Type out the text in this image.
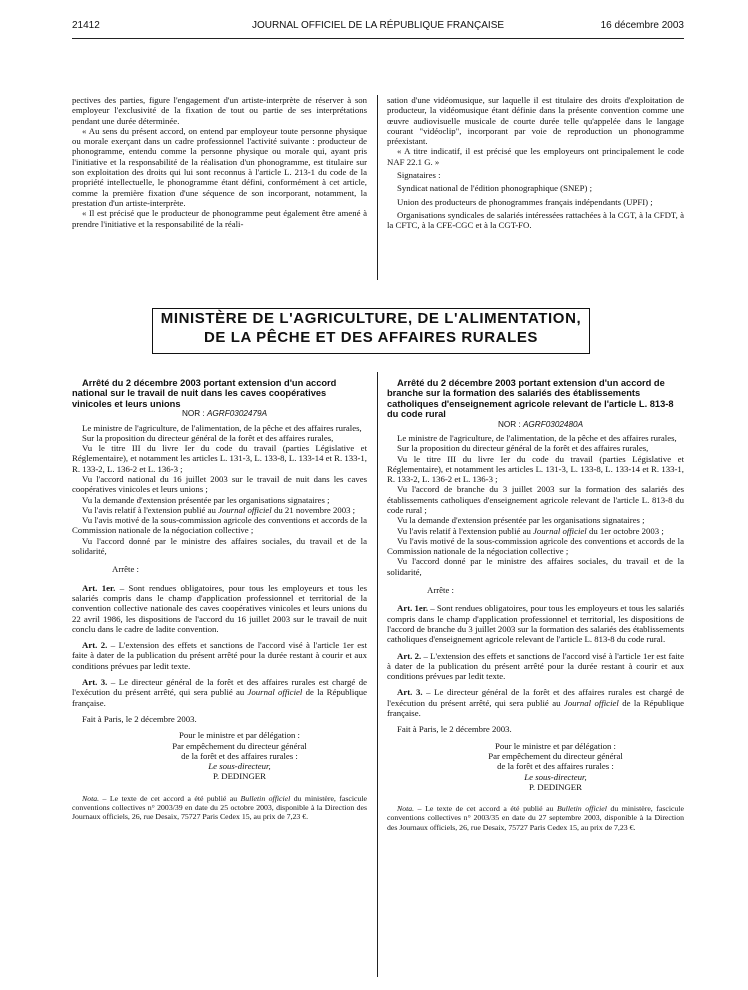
21412	JOURNAL OFFICIEL DE LA RÉPUBLIQUE FRANÇAISE	16 décembre 2003

pectives des parties, figure l'engagement d'un artiste-interprète de réserver à son employeur l'exclusivité de la fixation de tout ou partie de ses interprétations pendant une durée déterminée.

« Au sens du présent accord, on entend par employeur toute personne physique ou morale exerçant dans un cadre professionnel l'activité suivante : producteur de phonogramme, entendu comme la personne physique ou morale qui, ayant pris l'initiative et la responsabilité de la réalisation d'un phonogramme, est titulaire sur son exploitation des droits qui lui sont reconnus à l'article L. 213-1 du code de la propriété intellectuelle, le phonogramme étant défini, conformément à cet article, comme la première fixation d'une séquence de son incorporant, notamment, la prestation d'un artiste-interprète.

« Il est précisé que le producteur de phonogramme peut également être amené à prendre l'initiative et la responsabilité de la réali-

sation d'une vidéomusique, sur laquelle il est titulaire des droits d'exploitation de producteur, la vidéomusique étant définie dans la présente convention comme une œuvre audiovisuelle musicale de courte durée telle qu'appelée dans le langage courant "vidéoclip", incorporant par voie de reproduction un phonogramme préexistant.

« A titre indicatif, il est précisé que les employeurs ont principalement le code NAF 22.1 G. »

Signataires :

Syndicat national de l'édition phonographique (SNEP) ;

Union des producteurs de phonogrammes français indépendants (UPFI) ;

Organisations syndicales de salariés intéressées rattachées à la CGT, à la CFDT, à la CFTC, à la CFE-CGC et à la CGT-FO.

MINISTÈRE DE L'AGRICULTURE, DE L'ALIMENTATION,
DE LA PÊCHE ET DES AFFAIRES RURALES

Arrêté du 2 décembre 2003 portant extension d'un accord national sur le travail de nuit dans les caves coopératives vinicoles et leurs unions

NOR : AGRF0302479A

Le ministre de l'agriculture, de l'alimentation, de la pêche et des affaires rurales,

Sur la proposition du directeur général de la forêt et des affaires rurales,

Vu le titre III du livre Ier du code du travail (parties Législative et Réglementaire), et notamment les articles L. 131-3, L. 133-8, L. 133-14 et R. 133-1, R. 133-2, L. 136-2 et L. 136-3 ;

Vu l'accord national du 16 juillet 2003 sur le travail de nuit dans les caves coopératives vinicoles et leurs unions ;

Vu la demande d'extension présentée par les organisations signataires ;

Vu l'avis relatif à l'extension publié au Journal officiel du 21 novembre 2003 ;

Vu l'avis motivé de la sous-commission agricole des conventions et accords de la Commission nationale de la négociation collective ;

Vu l'accord donné par le ministre des affaires sociales, du travail et de la solidarité,

Arrête :

Art. 1er. – Sont rendues obligatoires, pour tous les employeurs et tous les salariés compris dans le champ d'application professionnel et territorial de la convention collective nationale des caves coopératives vinicoles et leurs unions du 22 avril 1986, les dispositions de l'accord du 16 juillet 2003 sur le travail de nuit conclu dans le cadre de ladite convention.

Art. 2. – L'extension des effets et sanctions de l'accord visé à l'article 1er est faite à dater de la publication du présent arrêté pour la durée restant à courir et aux conditions prévues par ledit texte.

Art. 3. – Le directeur général de la forêt et des affaires rurales est chargé de l'exécution du présent arrêté, qui sera publié au Journal officiel de la République française.

Fait à Paris, le 2 décembre 2003.

Pour le ministre et par délégation :

Par empêchement du directeur général

de la forêt et des affaires rurales :

Le sous-directeur,

P. DEDINGER

Nota. – Le texte de cet accord a été publié au Bulletin officiel du ministère, fascicule conventions collectives n° 2003/39 en date du 25 octobre 2003, disponible à la Direction des Journaux officiels, 26, rue Desaix, 75727 Paris Cedex 15, au prix de 7,23 €.

Arrêté du 2 décembre 2003 portant extension d'un accord de branche sur la formation des salariés des établissements catholiques d'enseignement agricole relevant de l'article L. 813-8 du code rural

NOR : AGRF0302480A

Le ministre de l'agriculture, de l'alimentation, de la pêche et des affaires rurales,

Sur la proposition du directeur général de la forêt et des affaires rurales,

Vu le titre III du livre Ier du code du travail (parties Législative et Réglementaire), et notamment les articles L. 131-3, L. 133-8, L. 133-14 et R. 133-1, R. 133-2, L. 136-2 et L. 136-3 ;

Vu l'accord de branche du 3 juillet 2003 sur la formation des salariés des établissements catholiques d'enseignement agricole relevant de l'article L. 813-8 du code rural ;

Vu la demande d'extension présentée par les organisations signataires ;

Vu l'avis relatif à l'extension publié au Journal officiel du 1er octobre 2003 ;

Vu l'avis motivé de la sous-commission agricole des conventions et accords de la Commission nationale de la négociation collective ;

Vu l'accord donné par le ministre des affaires sociales, du travail et de la solidarité,

Arrête :

Art. 1er. – Sont rendues obligatoires, pour tous les employeurs et tous les salariés compris dans le champ d'application professionnel et territorial, les dispositions de l'accord de branche du 3 juillet 2003 sur la formation des salariés des établissements catholiques d'enseignement agricole relevant de l'article L. 813-8 du code rural.

Art. 2. – L'extension des effets et sanctions de l'accord visé à l'article 1er est faite à dater de la publication du présent arrêté pour la durée restant à courir et aux conditions prévues par ledit texte.

Art. 3. – Le directeur général de la forêt et des affaires rurales est chargé de l'exécution du présent arrêté, qui sera publié au Journal officiel de la République française.

Fait à Paris, le 2 décembre 2003.

Pour le ministre et par délégation :

Par empêchement du directeur général

de la forêt et des affaires rurales :

Le sous-directeur,

P. DEDINGER

Nota. – Le texte de cet accord a été publié au Bulletin officiel du ministère, fascicule conventions collectives n° 2003/35 en date du 27 septembre 2003, disponible à la Direction des Journaux officiels, 26, rue Desaix, 75727 Paris Cedex 15, au prix de 7,23 €.
